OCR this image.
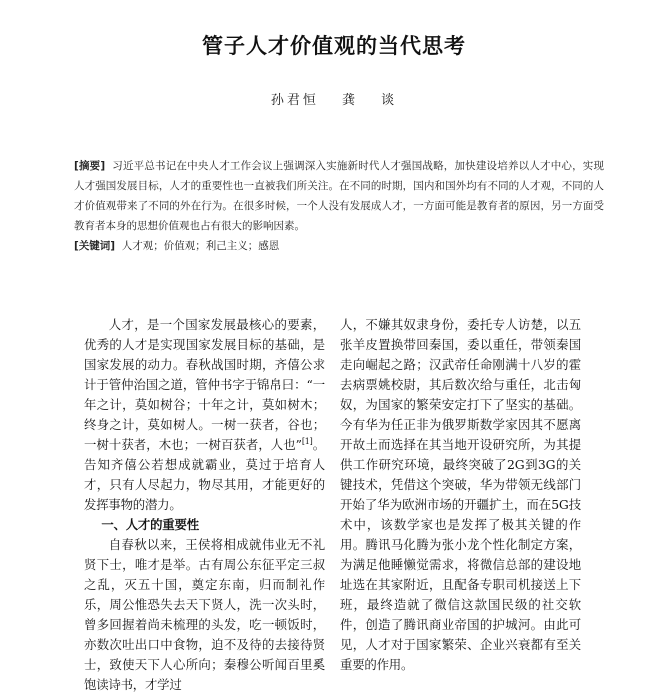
管子人才价值观的当代思考
孙君恒 龚 谈

[摘要] 习近平总书记在中央人才工作会议上强调深入实施新时代人才强国战略，加快建设培养以人才中心，实现人才强国发展目标，人才的重要性也一直被我们所关注。在不同的时期，国内和国外均有不同的人才观，不同的人才价值观带来了不同的外在行为。在很多时候，一个人没有发展成人才，一方面可能是教育者的原因，另一方面受教育者本身的思想价值观也占有很大的影响因素。

[关键词] 人才观；价值观；利己主义；感恩

人才，是一个国家发展最核心的要素，优秀的人才是实现国家发展目标的基础，是国家发展的动力。春秋战国时期，齐僖公求计于管仲治国之道，管仲书字于锦帛曰：“一年之计，莫如树谷；十年之计，莫如树木；终身之计，莫如树人。一树一获者，谷也；一树十获者，木也；一树百获者，人也”[1]。告知齐僖公若想成就霸业，莫过于培育人才，只有人尽起力，物尽其用，才能更好的发挥事物的潜力。

一、人才的重要性

自春秋以来，王侯将相成就伟业无不礼贤下士，唯才是举。古有周公东征平定三叔之乱，灭五十国，奠定东南，归而制礼作乐，周公惟恐失去天下贤人，洗一次头时，曾多回握着尚未梳理的头发，吃一顿饭时，亦数次吐出口中食物，迫不及待的去接待贤士，致使天下人心所向；秦穆公听闻百里奚饱读诗书，才学过

人，不嫌其奴隶身份，委托专人访楚，以五张羊皮置换带回秦国，委以重任，带领秦国走向崛起之路；汉武帝任命刚满十八岁的霍去病票姚校尉，其后数次给与重任，北击匈奴，为国家的繁荣安定打下了坚实的基础。今有华为任正非为俄罗斯数学家因其不愿离开故土而选择在其当地开设研究所，为其提供工作研究环境，最终突破了2G到3G的关键技术，凭借这个突破，华为带领无线部门开始了华为欧洲市场的开疆扩土，而在5G技术中，该数学家也是发挥了极其关键的作用。腾讯马化腾为张小龙个性化制定方案，为满足他睡懒觉需求，将微信总部的建设地址选在其家附近，且配备专职司机接送上下班，最终造就了微信这款国民级的社交软件，创造了腾讯商业帝国的护城河。由此可见，人才对于国家繁荣、企业兴衰都有至关重要的作用。
